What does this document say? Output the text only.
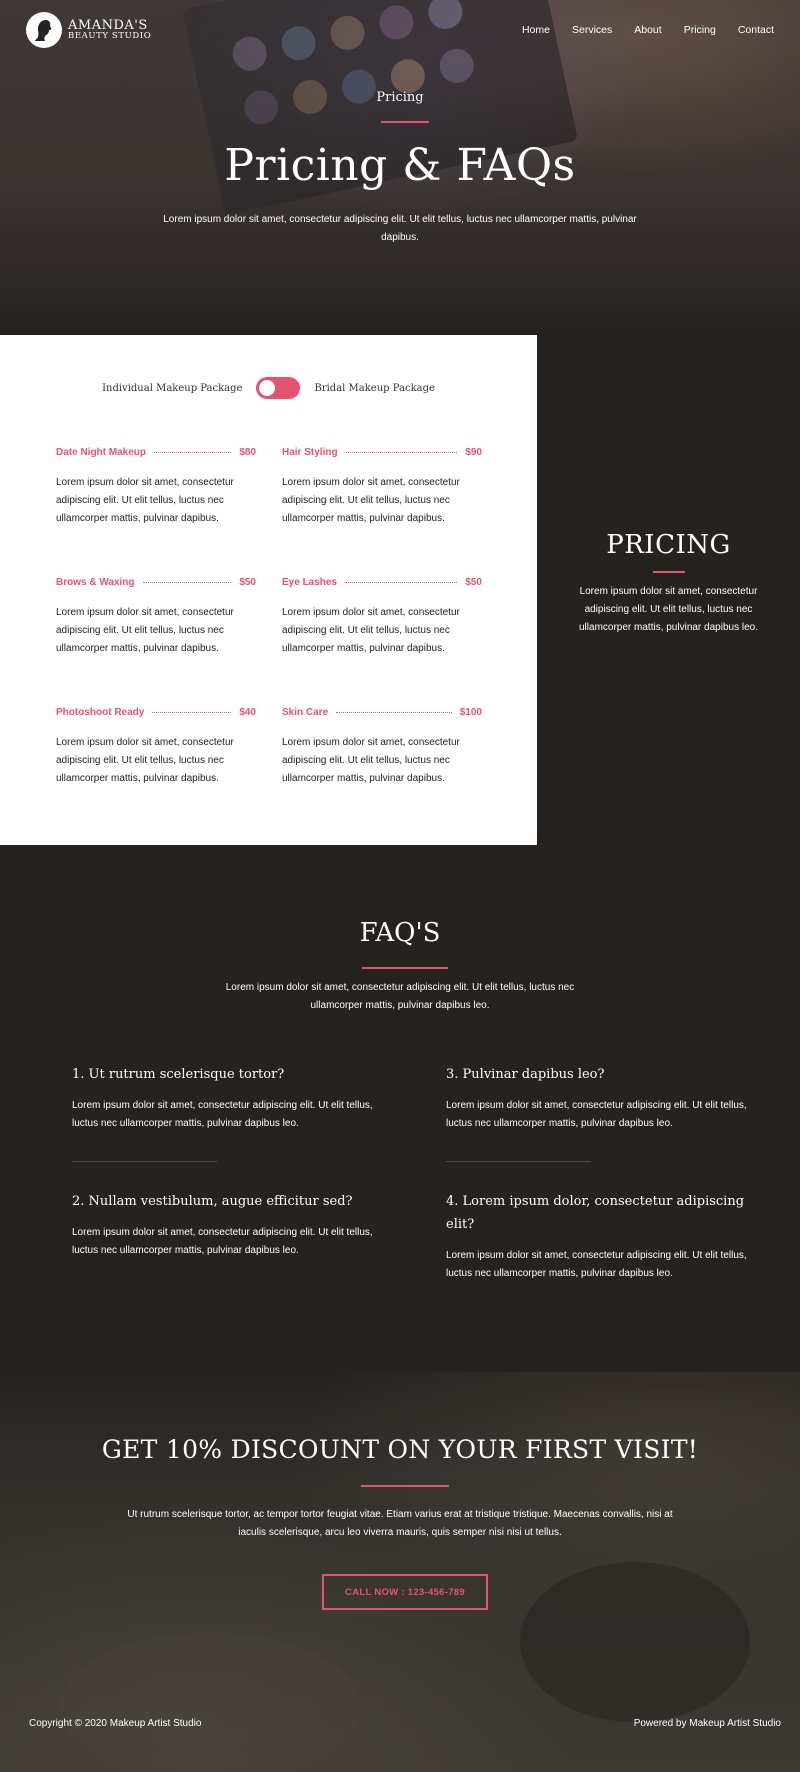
AMANDA'S
BEAUTY STUDIO
Home Services About Pricing Contact
Pricing
Pricing & FAQs

Lorem ipsum dolor sit amet, consectetur adipiscing elit. Ut elit tellus, luctus nec ullamcorper mattis, pulvinar dapibus.

Individual Makeup Package	Bridal Makeup Package
Date Night Makeup	$80

Lorem ipsum dolor sit amet, consectetur adipiscing elit. Ut elit tellus, luctus nec ullamcorper mattis, pulvinar dapibus.

Hair Styling	$90

Lorem ipsum dolor sit amet, consectetur adipiscing elit. Ut elit tellus, luctus nec ullamcorper mattis, pulvinar dapibus.

Brows & Waxing	$50

Lorem ipsum dolor sit amet, consectetur adipiscing elit. Ut elit tellus, luctus nec ullamcorper mattis, pulvinar dapibus.

Eye Lashes	$50

Lorem ipsum dolor sit amet, consectetur adipiscing elit. Ut elit tellus, luctus nec ullamcorper mattis, pulvinar dapibus.

Photoshoot Ready	$40

Lorem ipsum dolor sit amet, consectetur adipiscing elit. Ut elit tellus, luctus nec ullamcorper mattis, pulvinar dapibus.

Skin Care	$100

Lorem ipsum dolor sit amet, consectetur adipiscing elit. Ut elit tellus, luctus nec ullamcorper mattis, pulvinar dapibus.

PRICING

Lorem ipsum dolor sit amet, consectetur adipiscing elit. Ut elit tellus, luctus nec ullamcorper mattis, pulvinar dapibus leo.

FAQ'S

Lorem ipsum dolor sit amet, consectetur adipiscing elit. Ut elit tellus, luctus nec ullamcorper mattis, pulvinar dapibus leo.

1. Ut rutrum scelerisque tortor?

Lorem ipsum dolor sit amet, consectetur adipiscing elit. Ut elit tellus, luctus nec ullamcorper mattis, pulvinar dapibus leo.

3. Pulvinar dapibus leo?

Lorem ipsum dolor sit amet, consectetur adipiscing elit. Ut elit tellus, luctus nec ullamcorper mattis, pulvinar dapibus leo.

2. Nullam vestibulum, augue efficitur sed?

Lorem ipsum dolor sit amet, consectetur adipiscing elit. Ut elit tellus, luctus nec ullamcorper mattis, pulvinar dapibus leo.

4. Lorem ipsum dolor, consectetur adipiscing elit?

Lorem ipsum dolor sit amet, consectetur adipiscing elit. Ut elit tellus, luctus nec ullamcorper mattis, pulvinar dapibus leo.

GET 10% DISCOUNT ON YOUR FIRST VISIT!

Ut rutrum scelerisque tortor, ac tempor tortor feugiat vitae. Etiam varius erat at tristique tristique. Maecenas convallis, nisi at iaculis scelerisque, arcu leo viverra mauris, quis semper nisi nisi ut tellus.

CALL NOW : 123-456-789
Copyright © 2020 Makeup Artist Studio	Powered by Makeup Artist Studio
